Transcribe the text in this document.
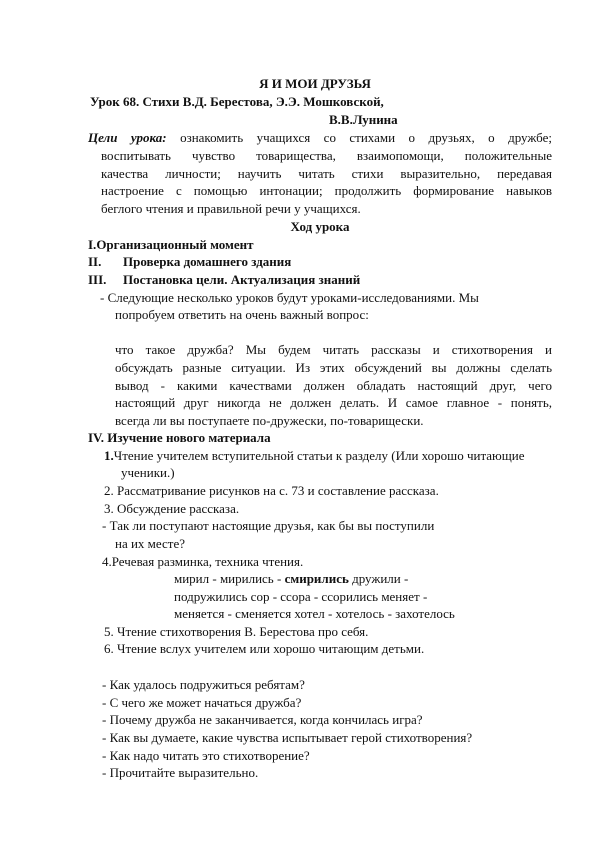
Я И МОИ ДРУЗЬЯ
Урок 68. Стихи В.Д. Берестова, Э.Э. Мошковской,
В.В.Лунина
Цели урока: ознакомить учащихся со стихами о друзьях, о дружбе;
воспитывать чувство товарищества, взаимопомощи, положительные
качества личности; научить читать стихи выразительно, передавая
настроение с помощью интонации; продолжить формирование навыков
беглого чтения и правильной речи у учащихся.
Ход урока
I.Организационный момент
II. Проверка домашнего здания
III. Постановка цели. Актуализация знаний
- Следующие несколько уроков будут уроками-исследованиями. Мы
попробуем ответить на очень важный вопрос:
что такое дружба? Мы будем читать рассказы и стихотворения и
обсуждать разные ситуации. Из этих обсуждений вы должны сделать
вывод - какими качествами должен обладать настоящий друг, чего
настоящий друг никогда не должен делать. И самое главное - понять,
всегда ли вы поступаете по-дружески, по-товарищески.
IV. Изучение нового материала
1.Чтение учителем вступительной статьи к разделу (Или хорошо читающие
ученики.)
2. Рассматривание рисунков на с. 73 и составление рассказа.
3. Обсуждение рассказа.
- Так ли поступают настоящие друзья, как бы вы поступили
на их месте?
4.Речевая разминка, техника чтения.
мирил - мирились - смирились дружили -
подружились сор - ссора - ссорились меняет -
меняется - сменяется хотел - хотелось - захотелось
5. Чтение стихотворения В. Берестова про себя.
6. Чтение вслух учителем или хорошо читающим детьми.
- Как удалось подружиться ребятам?
- С чего же может начаться дружба?
- Почему дружба не заканчивается, когда кончилась игра?
- Как вы думаете, какие чувства испытывает герой стихотворения?
- Как надо читать это стихотворение?
- Прочитайте выразительно.
